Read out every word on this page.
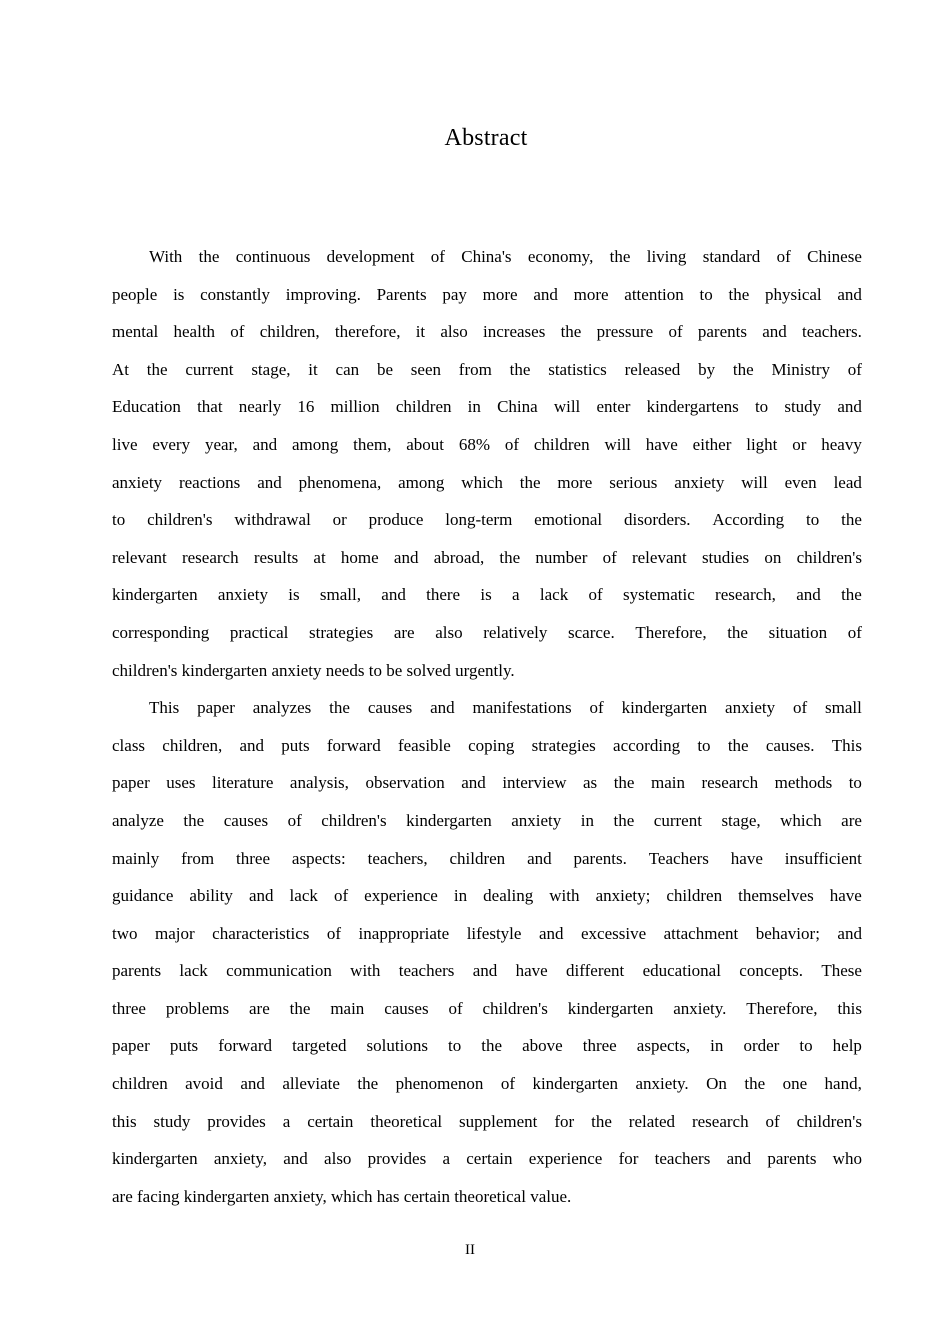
Abstract
With the continuous development of China's economy, the living standard of Chinese
people is constantly improving. Parents pay more and more attention to the physical and
mental health of children, therefore, it also increases the pressure of parents and teachers.
At the current stage, it can be seen from the statistics released by the Ministry of
Education that nearly 16 million children in China will enter kindergartens to study and
live every year, and among them, about 68% of children will have either light or heavy
anxiety reactions and phenomena, among which the more serious anxiety will even lead
to children's withdrawal or produce long-term emotional disorders. According to the
relevant research results at home and abroad, the number of relevant studies on children's
kindergarten anxiety is small, and there is a lack of systematic research, and the
corresponding practical strategies are also relatively scarce. Therefore, the situation of
children's kindergarten anxiety needs to be solved urgently.
This paper analyzes the causes and manifestations of kindergarten anxiety of small
class children, and puts forward feasible coping strategies according to the causes. This
paper uses literature analysis, observation and interview as the main research methods to
analyze the causes of children's kindergarten anxiety in the current stage, which are
mainly from three aspects: teachers, children and parents. Teachers have insufficient
guidance ability and lack of experience in dealing with anxiety; children themselves have
two major characteristics of inappropriate lifestyle and excessive attachment behavior; and
parents lack communication with teachers and have different educational concepts. These
three problems are the main causes of children's kindergarten anxiety. Therefore, this
paper puts forward targeted solutions to the above three aspects, in order to help
children avoid and alleviate the phenomenon of kindergarten anxiety. On the one hand,
this study provides a certain theoretical supplement for the related research of children's
kindergarten anxiety, and also provides a certain experience for teachers and parents who
are facing kindergarten anxiety, which has certain theoretical value.
II
